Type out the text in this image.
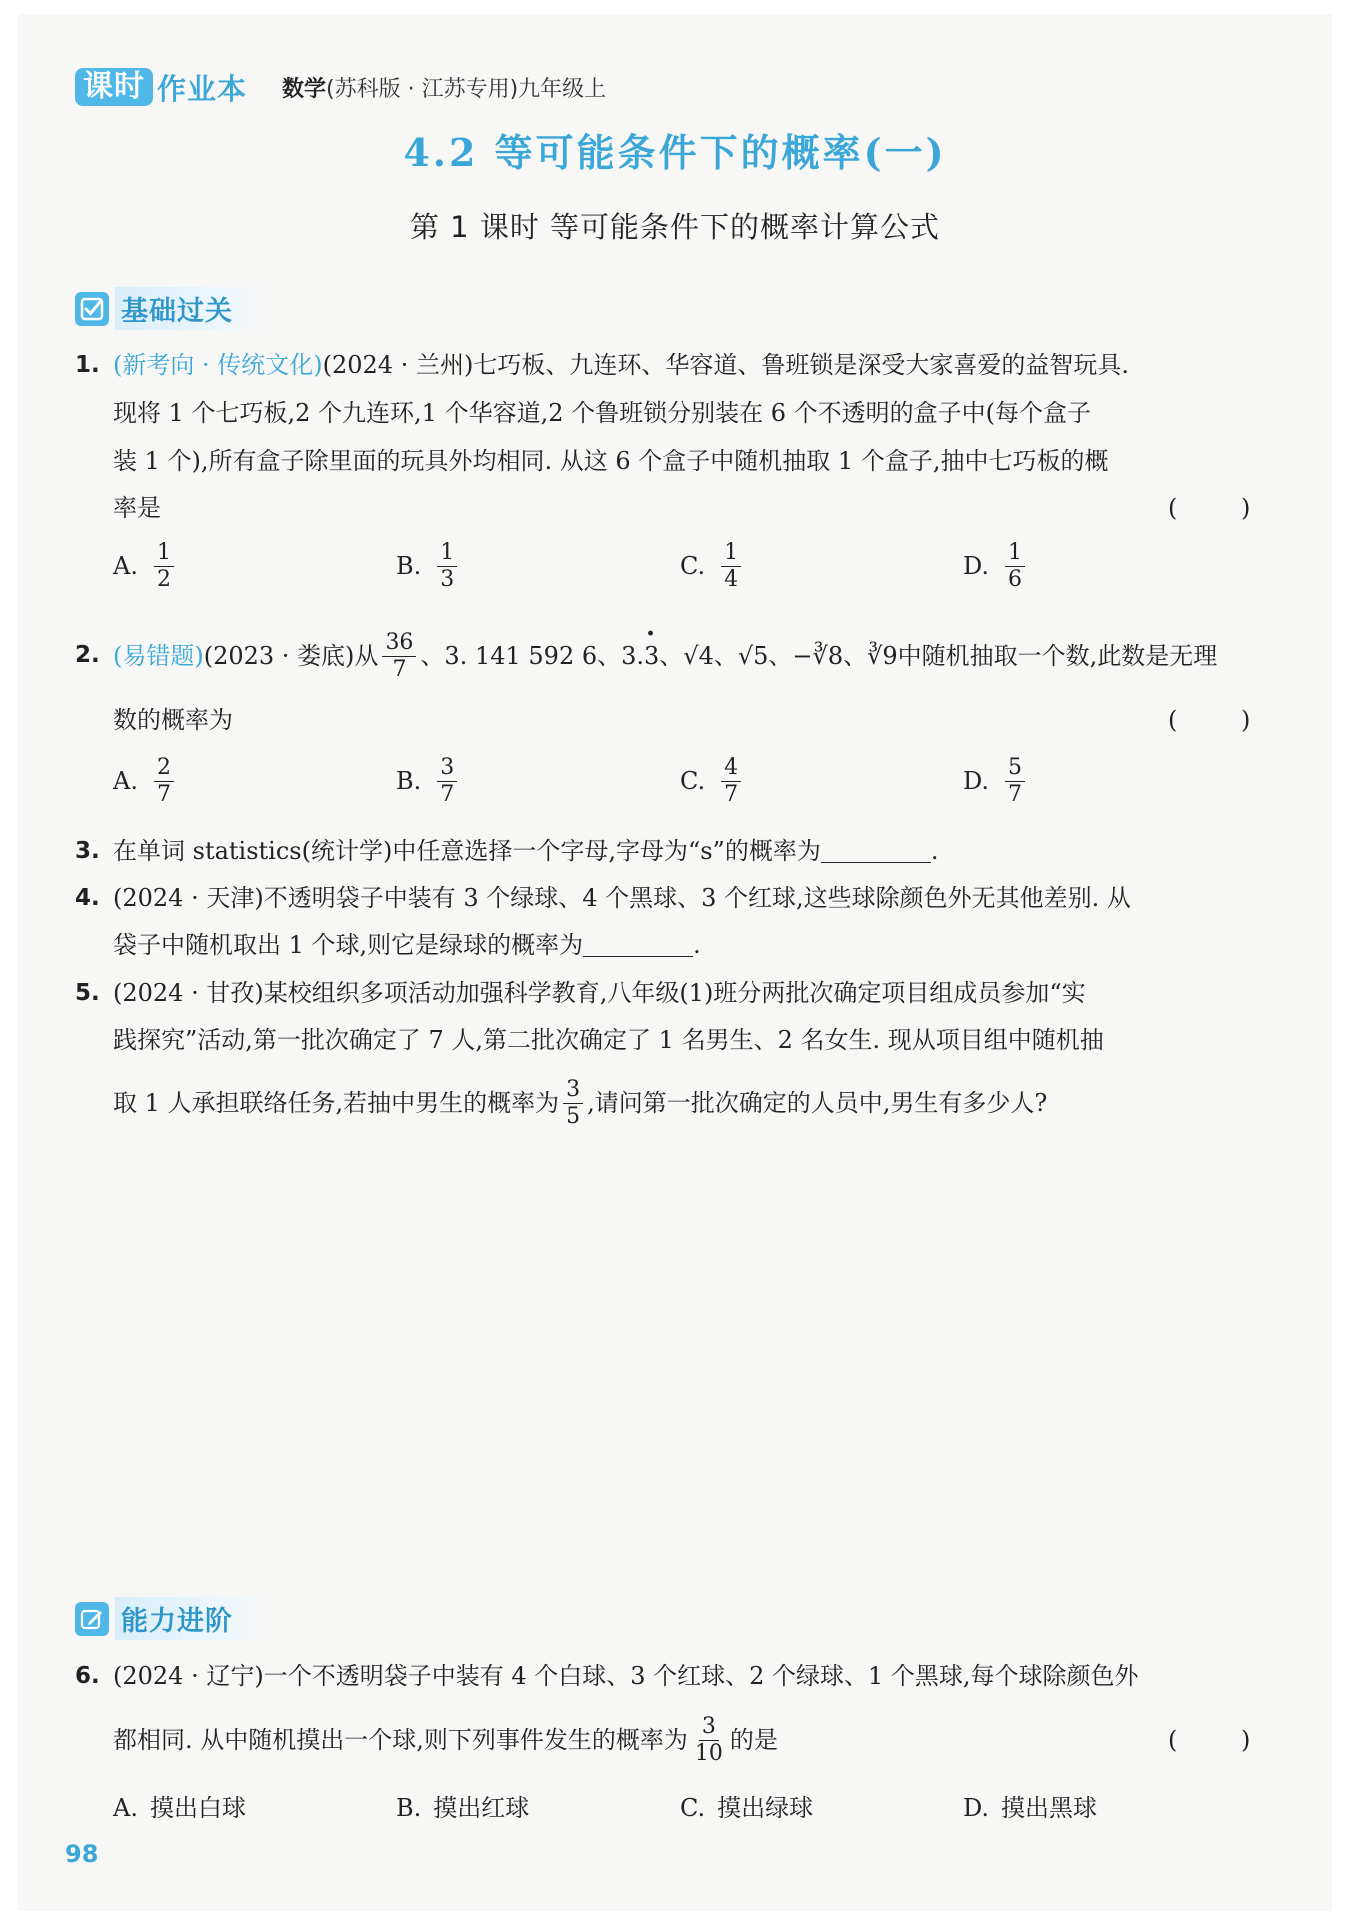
课时 作业本 数学(苏科版 · 江苏专用)九年级上
4.2 等可能条件下的概率(一)
第 1 课时 等可能条件下的概率计算公式
基础过关
1. (新考向 · 传统文化)(2024 · 兰州)七巧板、九连环、华容道、鲁班锁是深受大家喜爱的益智玩具.
现将 1 个七巧板,2 个九连环,1 个华容道,2 个鲁班锁分别装在 6 个不透明的盒子中(每个盒子
装 1 个),所有盒子除里面的玩具外均相同. 从这 6 个盒子中随机抽取 1 个盒子,抽中七巧板的概
率是	( )
A. $\frac{1}{2}$	B. $\frac{1}{3}$	C. $\frac{1}{4}$	D. $\frac{1}{6}$
2. (易错题) (2023 · 娄底)从 $\frac{36}{7}$ 、3. 141 592 6、3. · 3 、√4、√5、−∛8、∛9 中随机抽取一个数,此数是无理
数的概率为	( )
A. $\frac{2}{7}$	B. $\frac{3}{7}$	C. $\frac{4}{7}$	D. $\frac{5}{7}$
3. 在单词 statistics(统计学)中任意选择一个字母,字母为“s”的概率为	.
4. (2024 · 天津)不透明袋子中装有 3 个绿球、4 个黑球、3 个红球,这些球除颜色外无其他差别. 从
袋子中随机取出 1 个球,则它是绿球的概率为	.
5. (2024 · 甘孜)某校组织多项活动加强科学教育,八年级(1)班分两批次确定项目组成员参加“实
践探究”活动,第一批次确定了 7 人,第二批次确定了 1 名男生、2 名女生. 现从项目组中随机抽
取 1 人承担联络任务,若抽中男生的概率为 $\frac{3}{5}$ ,请问第一批次确定的人员中,男生有多少人?
能力进阶
6. (2024 · 辽宁)一个不透明袋子中装有 4 个白球、3 个红球、2 个绿球、1 个黑球,每个球除颜色外
都相同. 从中随机摸出一个球,则下列事件发生的概率为 $\frac{3}{10}$ 的是	( )
A. 摸出白球	B. 摸出红球	C. 摸出绿球	D. 摸出黑球
98
